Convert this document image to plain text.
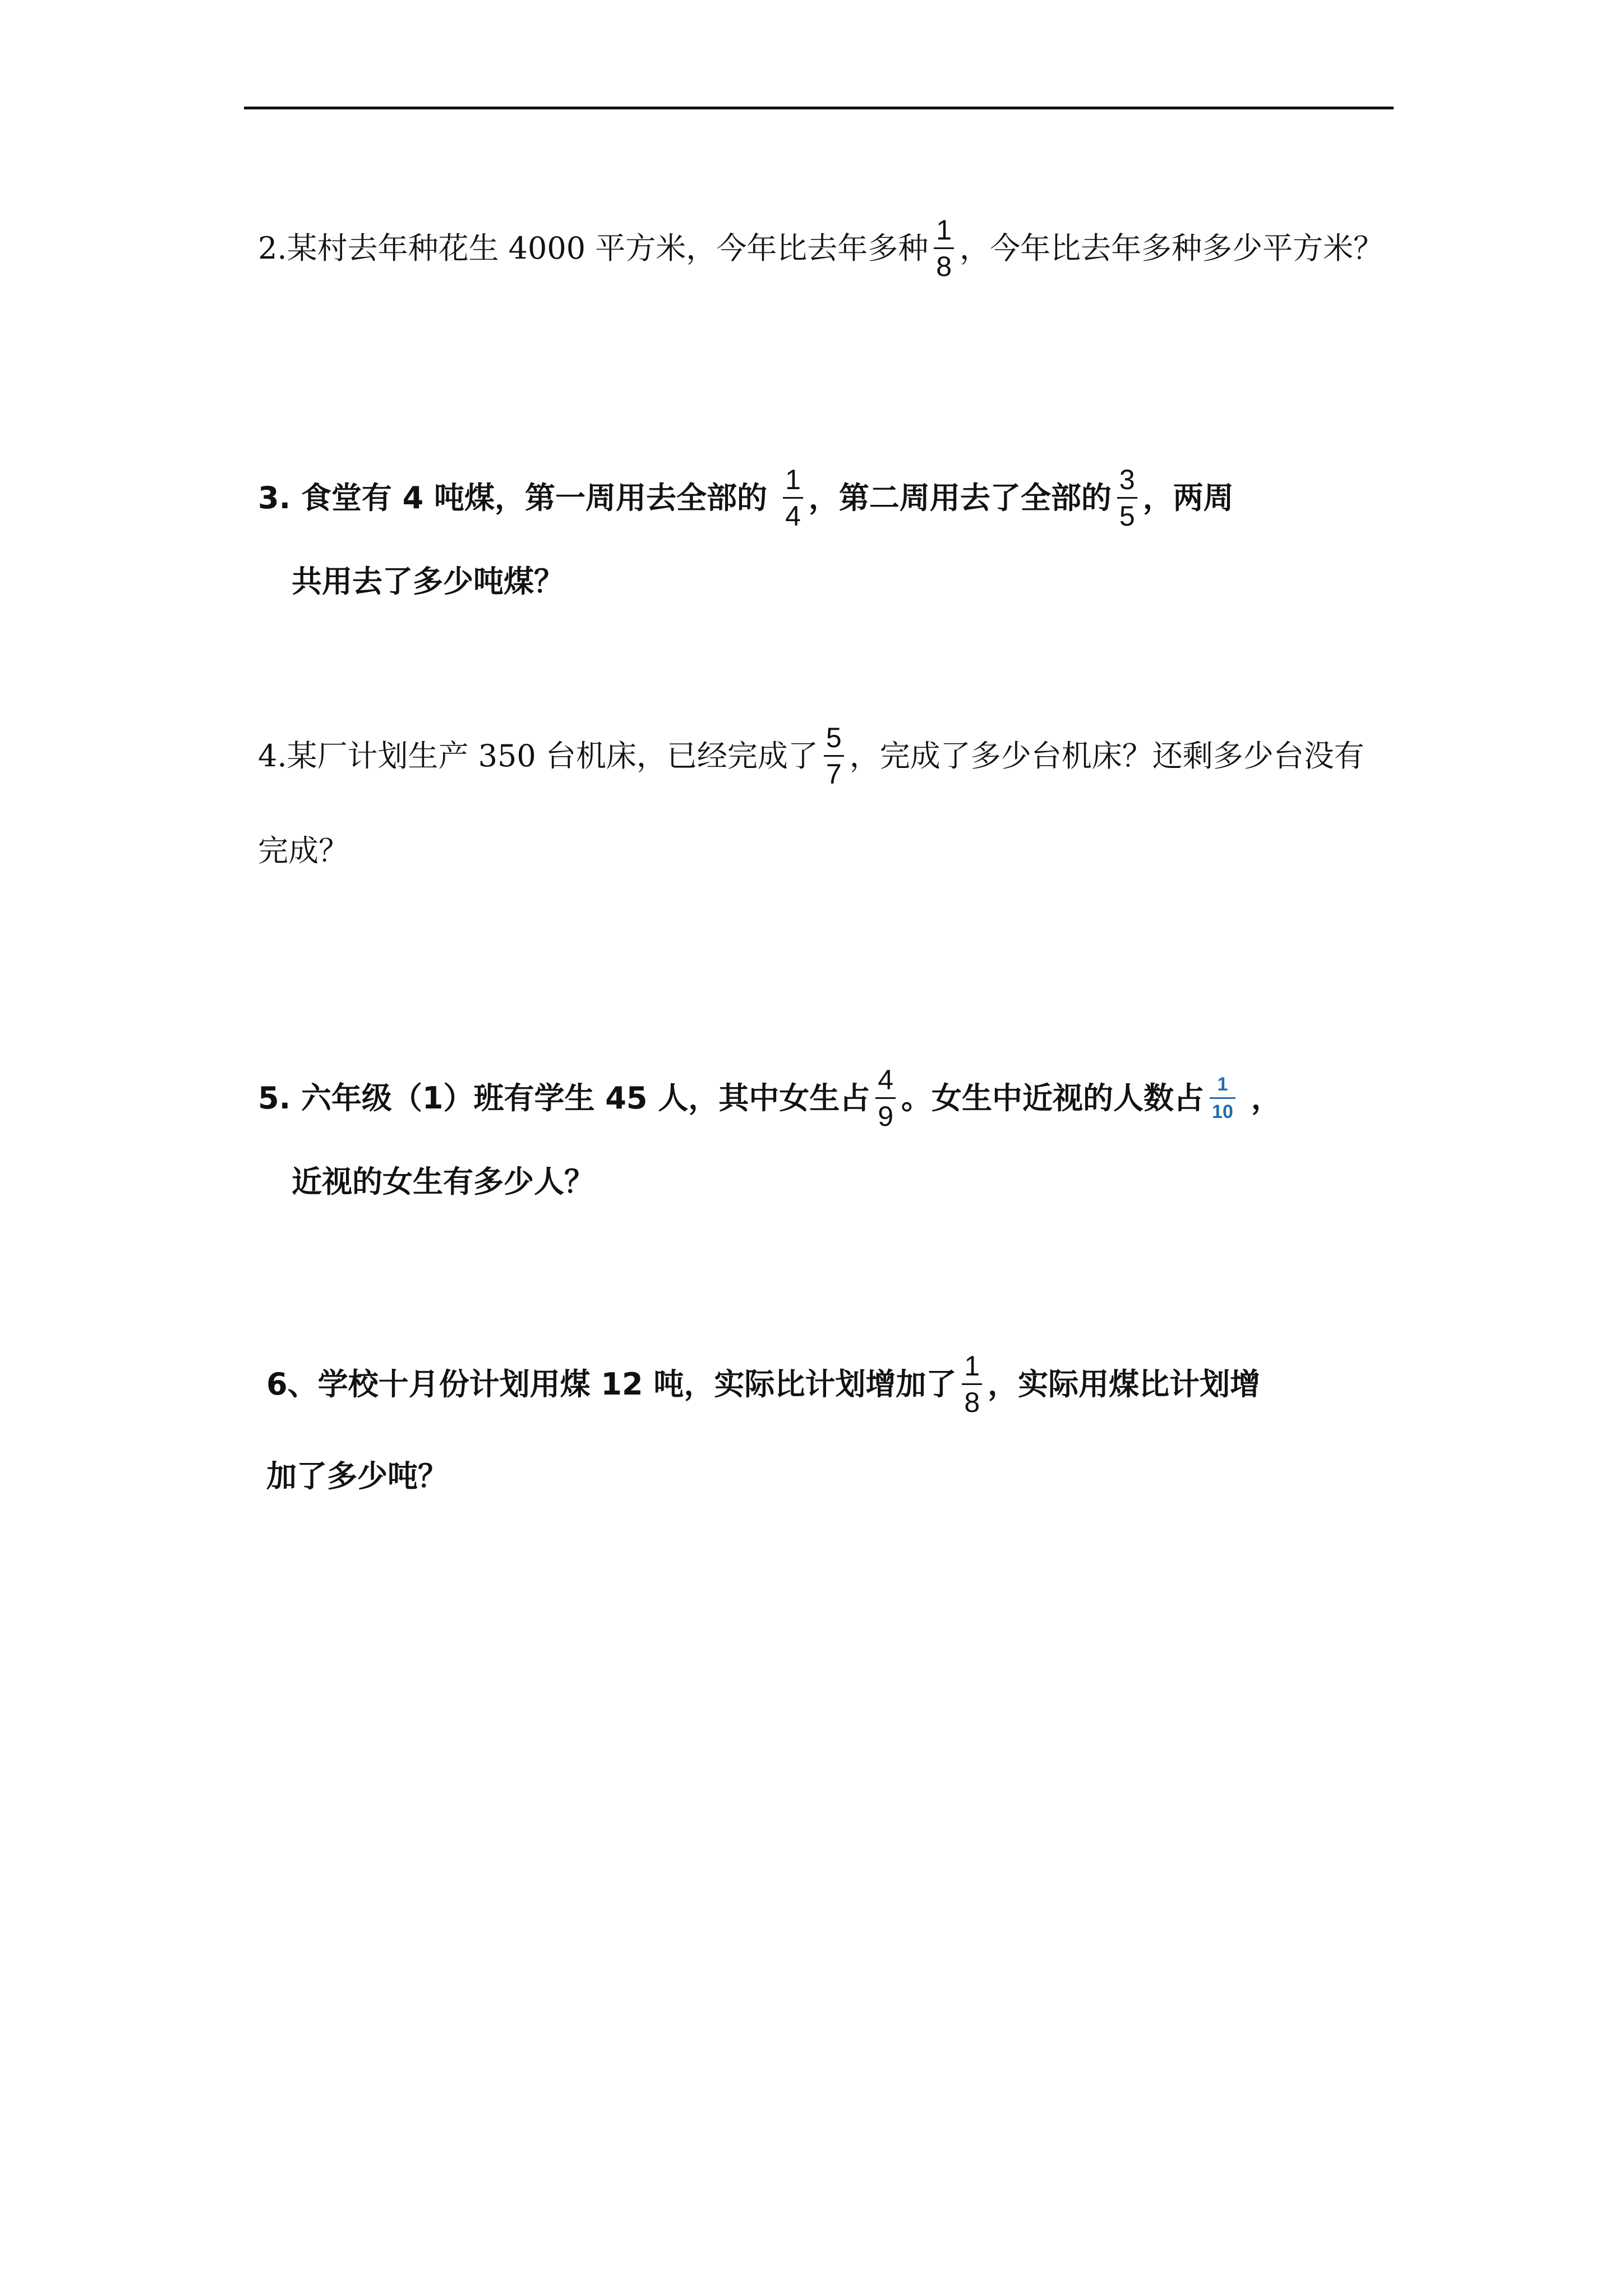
2.某村去年种花生 4000 平方米，今年比去年多种 $\frac{1}{8}$ ，今年比去年多种多少平方米？
3. 食堂有 4 吨煤，第一周用去全部的 $\frac{1}{4}$ ，第二周用去了全部的 $\frac{3}{5}$ ，两周
共用去了多少吨煤？
4.某厂计划生产 350 台机床，已经完成了 $\frac{5}{7}$ ，完成了多少台机床？还剩多少台没有
完成？
5. 六年级（1）班有学生 45 人，其中女生占 $\frac{4}{9}$ 。女生中近视的人数占 $\frac{1}{10}$ ，
近视的女生有多少人？
6、学校十月份计划用煤 12 吨，实际比计划增加了 $\frac{1}{8}$ ，实际用煤比计划增
加了多少吨？
